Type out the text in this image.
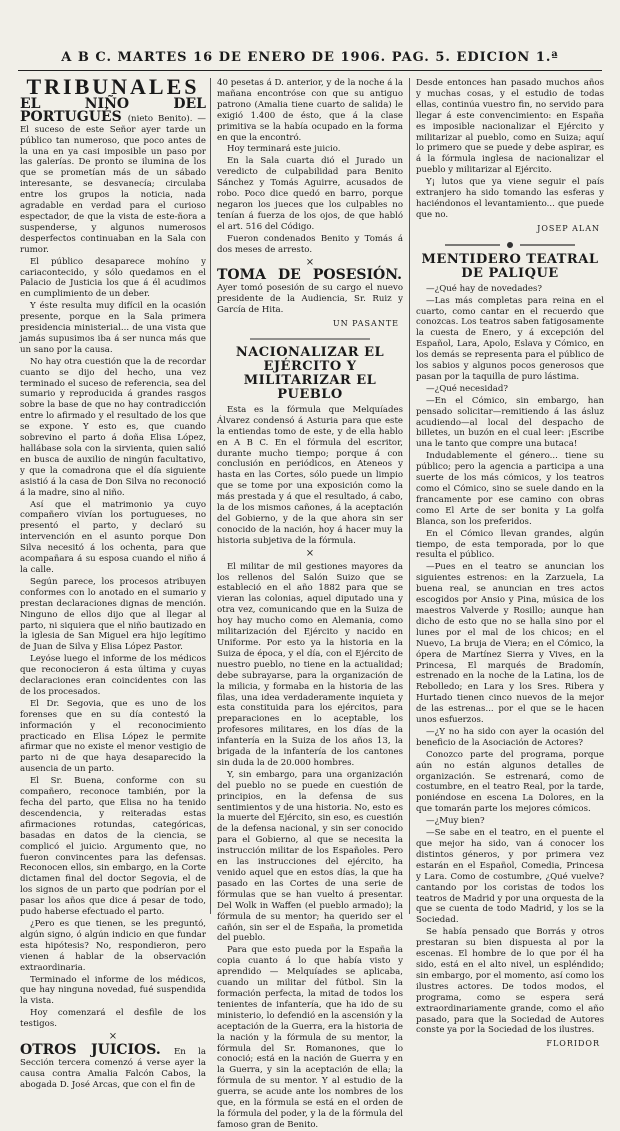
A B C. MARTES 16 DE ENERO DE 1906. PAG. 5. EDICION 1.ª
TRIBUNALES

EL NIÑO DEL PORTUGUÉS (nieto Benito). — El suceso de este Señor ayer tarde un público tan numeroso, que poco antes de la una en ya casi imposible un paso por las galerías. De pronto se ilumina de los que se prometían más de un sábado interesante, se desvanecía; circulaba entre los grupos la noticia, nada agradable en verdad para el curioso espectador, de que la vista de este-ñora a suspenderse, y algunos numerosos desperfectos continuaban en la Sala con rumor.

El público desaparece mohíno y cariacontecido, y sólo quedamos en el Palacio de Justicia los que á él acudimos en cumplimiento de un deber.

Y éste resulta muy difícil en la ocasión presente, porque en la Sala primera presidencia ministerial... de una vista que jamás supusimos iba á ser nunca más que un sano por la causa.

No hay otra cuestión que la de recordar cuanto se dijo del hecho, una vez terminado el suceso de referencia, sea del sumario y reproducida á grandes rasgos sobre la base de que no hay contradicción entre lo afirmado y el resultado de los que se expone. Y esto es, que cuando sobrevino el parto á doña Elisa López, hallábase sola con la sirvienta, quien salió en busca de auxilio de ningún facultativo, y que la comadrona que el día siguiente asistió á la casa de Don Silva no reconoció á la madre, sino al niño.

Así que el matrimonio ya cuyo compañero vivían los portugueses, no presentó el parto, y declaró su intervención en el asunto porque Don Silva necesitó á los ochenta, para que acompañara á su esposa cuando el niño á la calle.

Según parece, los procesos atribuyen conformes con lo anotado en el sumario y prestan declaraciones dignas de mención. Ninguno de ellos dijo que al llegar al parto, ni siquiera que el niño bautizado en la iglesia de San Miguel era hijo legítimo de Juan de Silva y Elisa López Pastor.

Leyóse luego el informe de los médicos que reconocieron á esta última y cuyas declaraciones eran coincidentes con las de los procesados.

El Dr. Segovia, que es uno de los forenses que en su día contestó la información y el reconocimiento practicado en Elisa López le permite afirmar que no existe el menor vestigio de parto ni de que haya desaparecido la ausencia de un parto.

El Sr. Buena, conforme con su compañero, reconoce también, por la fecha del parto, que Elisa no ha tenido descendencia, y reiteradas estas afirmaciones rotundas, categóricas, basadas en datos de la ciencia, se complicó el juicio. Argumento que, no fueron convincentes para las defensas. Reconocen ellos, sin embargo, en la Corte dictamen final del doctor Segovia, el de los signos de un parto que podrían por el pasar los años que dice á pesar de todo, pudo haberse efectuado el parto.

¿Pero es que tienen, se les preguntó, algún signo, ó algún indicio en que fundar esta hipótesis? No, respondieron, pero vienen á hablar de la observación extraordinaria.

Terminado el informe de los médicos, que hay ninguna novedad, fué suspendida la vista.

Hoy comenzará el desfile de los testigos.

×

OTROS JUICIOS. En la Sección tercera comenzó á verse ayer la causa contra Amalia Falcón Cabos, la abogada D. José Arcas, que con el fin de

40 pesetas á D. anterior, y de la noche á la mañana encontróse con que su antiguo patrono (Amalia tiene cuarto de salida) le exigió 1.400 de ésto, que á la clase primitiva se la había ocupado en la forma en que la encontró.

Hoy terminará este juicio.

En la Sala cuarta dió el Jurado un veredicto de culpabilidad para Benito Sánchez y Tomás Aguirre, acusados de robo. Poco dice quedó en barro, porque negaron los jueces que los culpables no tenían á fuerza de los ojos, de que habló el art. 516 del Código.

Fueron condenados Benito y Tomás á dos meses de arresto.

×

TOMA DE POSESIÓN. Ayer tomó posesión de su cargo el nuevo presidente de la Audiencia, Sr. Ruiz y García de Hita.

UN PASANTE
NACIONALIZAR EL EJÉRCITO Y MILITARIZAR EL PUEBLO

Esta es la fórmula que Melquíades Álvarez condensó á Asturia para que este la entiendas tomo de este, y de ella hablo en A B C. En el fórmula del escritor, durante mucho tiempo; porque á con conclusión en periódicos, en Ateneos y hasta en las Cortes, sólo puede un limpio que se tome por una exposición como la más prestada y á que el resultado, á cabo, la de los mismos cañones, á la aceptación del Gobierno, y de la que ahora sin ser conocido de la nación, hoy á hacer muy la historia subjetiva de la fórmula.

×

El militar de mil gestiones mayores da los rellenos del Salón Suizo que se estableció en el año 1882 para que se vieran las colonias, aquel diputado una y otra vez, comunicando que en la Suiza de hoy hay mucho como en Alemania, como militarización del Ejército y nacido en Uniforme. Por esto ya la historia en la Suiza de época, y el día, con el Ejército de nuestro pueblo, no tiene en la actualidad; debe subrayarse, para la organización de la milicia, y formaba en la historia de las filas, una idea verdaderamente inquieta y esta constituida para los ejércitos, para preparaciones en lo aceptable, los profesores militares, en los días de la infantería en la Suiza de los años 13, la brigada de la infantería de los cantones sin duda la de 20.000 hombres.

Y, sin embargo, para una organización del pueblo no se puede en cuestión de principios, en la defensa de sus sentimientos y de una historia. No, esto es la muerte del Ejército, sin eso, es cuestión de la defensa nacional, y sin ser conocido para el Gobierno, al que se necesita la instrucción militar de los Españoles. Pero en las instrucciones del ejército, ha venido aquel que en estos días, la que ha pasado en las Cortes de una serie de fórmulas que se han vuelto á presentar. Del Wolk in Waffen (el pueblo armado); la fórmula de su mentor; ha querido ser el cañón, sin ser el de España, la prometida del pueblo.

Para que esto pueda por la España la copia cuanto á lo que había visto y aprendido — Melquíades se aplicaba, cuando un militar del fútbol. Sin la formación perfecta, la mitad de todos los tenientes de infantería, que ha ido de su ministerio, lo defendió en la ascensión y la aceptación de la Guerra, era la historia de la nación y la fórmula de su mentor, la fórmula del Sr. Romanones, que lo conoció; está en la nación de Guerra y en la Guerra, y sin la aceptación de ella; la fórmula de su mentor. Y al estudio de la guerra, se acude ante los nombres de los que, en la fórmula se está en el orden de la fórmula del poder, y la de la fórmula del famoso gran de Benito.

Desde entonces han pasado muchos años y muchas cosas, y el estudio de todas ellas, continúa vuestro fin, no servido para llegar á este convencimiento: en España es imposible nacionalizar el Ejército y militarizar al pueblo, como en Suiza; aquí lo primero que se puede y debe aspirar, es á la fórmula inglesa de nacionalizar el pueblo y militarizar al Ejército.

Y¡ lutos que ya viene seguir el país extranjero ha sido tomando las esferas y haciéndonos el levantamiento... que puede que no.

JOSEP ALAN
MENTIDERO TEATRAL DE PALIQUE

—¿Qué hay de novedades?

—Las más completas para reina en el cuarto, como cantar en el recuerdo que conozcas. Los teatros saben fatigosamente la cuesta de Enero, y á excepción del Español, Lara, Apolo, Eslava y Cómico, en los demás se representa para el público de los sabios y algunos pocos generosos que pasan por la taquilla de puro lástima.

—¿Qué necesidad?

—En el Cómico, sin embargo, han pensado solicitar—remitiendo á las ásluz acudiendo—al local del despacho de billetes, un buzón en el cual leer: ¡Escribe una le tanto que compre una butaca!

Indudablemente el género... tiene su público; pero la agencia a participa a una suerte de los más cómicos, y los teatros como el Cómico, sino se suele dando en la francamente por ese camino con obras como El Arte de ser bonita y La golfa Blanca, son los preferidos.

En el Cómico llevan grandes, algún tiempo, de esta temporada, por lo que resulta el público.

—Pues en el teatro se anuncian los siguientes estrenos: en la Zarzuela, La buena real, se anuncian en tres actos escogidos por Ansio y Pina, música de los maestros Valverde y Rosillo; aunque han dicho de esto que no se halla sino por el lunes por el mal de los chicos; en el Nuevo, La bruja de Viera; en el Cómico, la ópera de Martínez Sierra y Vives, en la Princesa, El marqués de Bradomín, estrenado en la noche de la Latina, los de Rebolledo; en Lara y los Sres. Ribera y Hurtado tienen cinco nuevos de la mejor de las estrenas... por el que se le hacen unos esfuerzos.

—¿Y no ha sido con ayer la ocasión del beneficio de la Asociación de Actores?

Conozco parte del programa, porque aún no están algunos detalles de organización. Se estrenará, como de costumbre, en el teatro Real, por la tarde, poniéndose en escena La Dolores, en la que tomarán parte los mejores cómicos.

—¿Muy bien?

—Se sabe en el teatro, en el puente el que mejor ha sido, van á conocer los distintos géneros, y por primera vez estarán en el Español, Comedia, Princesa y Lara. Como de costumbre, ¿Qué vuelve? cantando por los coristas de todos los teatros de Madrid y por una orquesta de la que se cuenta de todo Madrid, y los se la Sociedad.

Se había pensado que Borrás y otros prestaran su bien dispuesta al por la escenas. El hombre de lo que por él ha sido, está en el alto nivel, un espléndido; sin embargo, por el momento, así como los ilustres actores. De todos modos, el programa, como se espera será extraordinariamente grande, como el año pasado, para que la Sociedad de Autores conste ya por la Sociedad de los ilustres.

FLORIDOR
